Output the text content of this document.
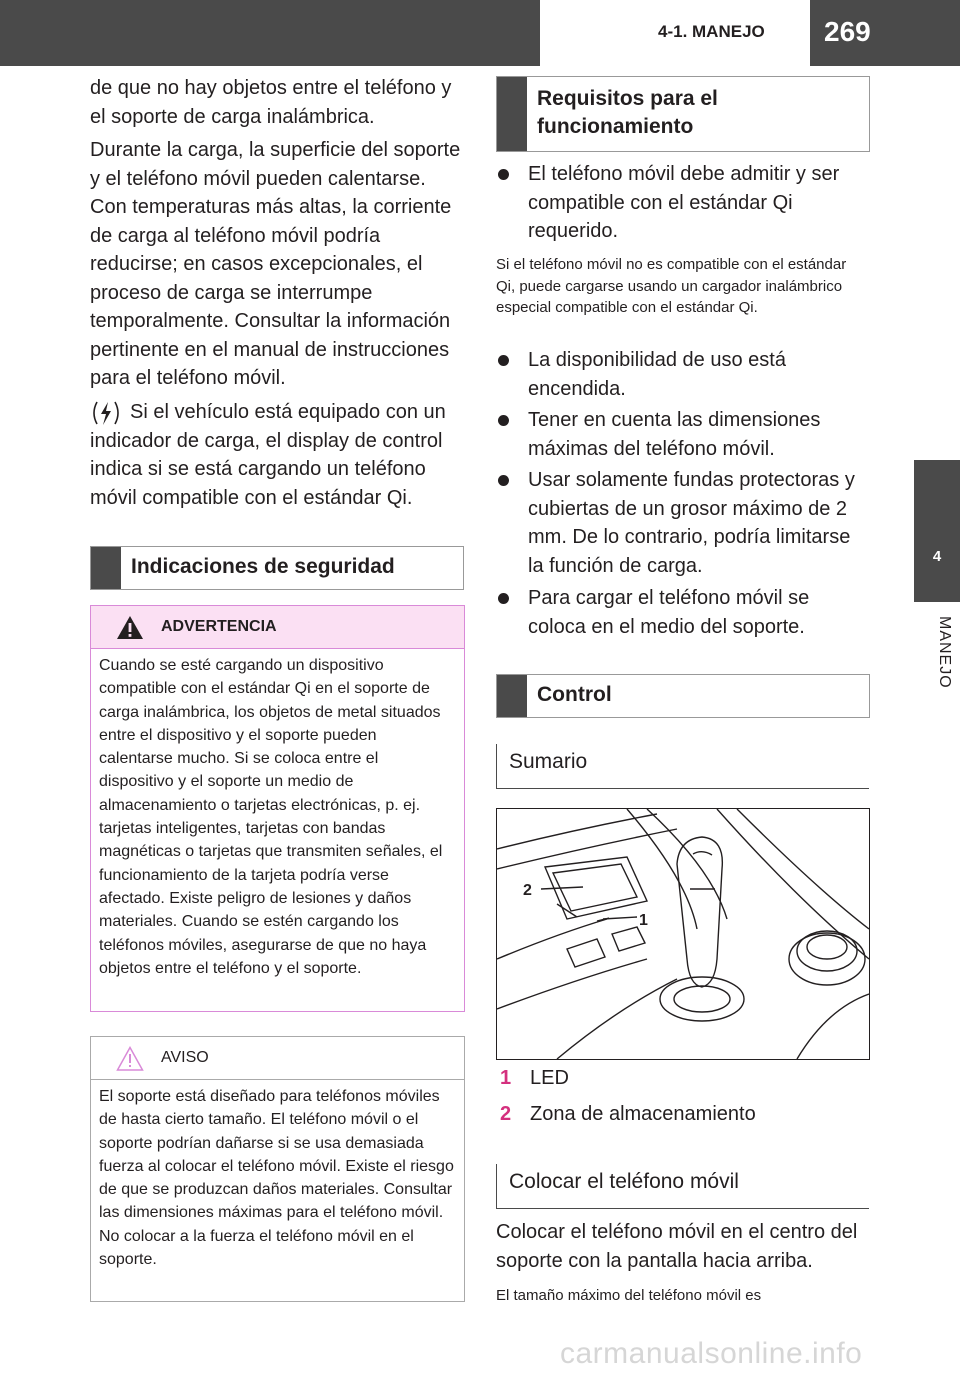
4-1. MANEJO 269
4
MANEJO

de que no hay objetos entre el teléfono y el soporte de carga inalámbrica.

Durante la carga, la superficie del soporte y el teléfono móvil pueden calentarse. Con temperaturas más altas, la corriente de carga al teléfono móvil podría reducirse; en casos excepcionales, el proceso de carga se interrumpe temporalmente. Consultar la información pertinente en el manual de instrucciones para el teléfono móvil.

Si el vehículo está equipado con un indicador de carga, el display de control indica si se está cargando un teléfono móvil compatible con el estándar Qi.

Indicaciones de seguridad
ADVERTENCIA

Cuando se esté cargando un dispositivo compatible con el estándar Qi en el soporte de carga inalámbrica, los objetos de metal situados entre el dispositivo y el soporte pueden calentarse mucho. Si se coloca entre el dispositivo y el soporte un medio de almacenamiento o tarjetas electrónicas, p. ej. tarjetas inteligentes, tarjetas con bandas magnéticas o tarjetas que transmiten señales, el funcionamiento de la tarjeta podría verse afectado. Existe peligro de lesiones y daños materiales. Cuando se estén cargando los teléfonos móviles, asegurarse de que no haya objetos entre el teléfono y el soporte.

AVISO

El soporte está diseñado para teléfonos móviles de hasta cierto tamaño. El teléfono móvil o el soporte podrían dañarse si se usa demasiada fuerza al colocar el teléfono móvil. Existe el riesgo de que se produzcan daños materiales. Consultar las dimensiones máximas para el teléfono móvil. No colocar a la fuerza el teléfono móvil en el soporte.

Requisitos para el funcionamiento
El teléfono móvil debe admitir y ser compatible con el estándar Qi requerido.

Si el teléfono móvil no es compatible con el estándar Qi, puede cargarse usando un cargador inalámbrico especial compatible con el estándar Qi.

La disponibilidad de uso está encendida.
Tener en cuenta las dimensiones máximas del teléfono móvil.
Usar solamente fundas protectoras y cubiertas de un grosor máximo de 2 mm. De lo contrario, podría limitarse la función de carga.
Para cargar el teléfono móvil se coloca en el medio del soporte.
Control
Sumario
2
1
1 LED
2 Zona de almacenamiento
Colocar el teléfono móvil

Colocar el teléfono móvil en el centro del soporte con la pantalla hacia arriba.

El tamaño máximo del teléfono móvil es

carmanualsonline.info
